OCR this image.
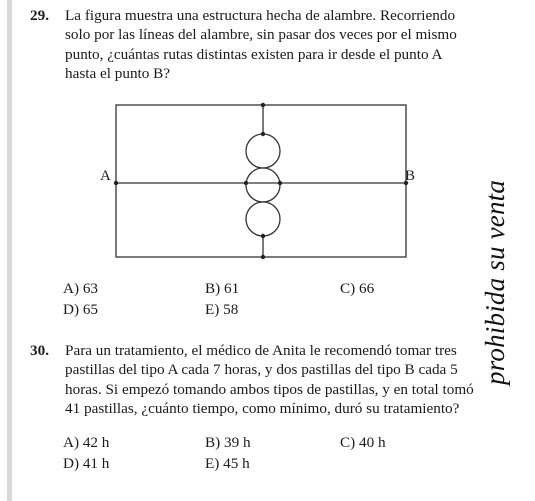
29. La figura muestra una estructura hecha de alambre. Recorriendo
solo por las líneas del alambre, sin pasar dos veces por el mismo
punto, ¿cuántas rutas distintas existen para ir desde el punto A
hasta el punto B?
A	B
A) 63	B) 61	C) 66
D) 65	E) 58
30. Para un tratamiento, el médico de Anita le recomendó tomar tres
pastillas del tipo A cada 7 horas, y dos pastillas del tipo B cada 5
horas. Si empezó tomando ambos tipos de pastillas, y en total tomó
41 pastillas, ¿cuánto tiempo, como mínimo, duró su tratamiento?
A) 42 h	B) 39 h	C) 40 h
D) 41 h	E) 45 h
prohibida su venta
